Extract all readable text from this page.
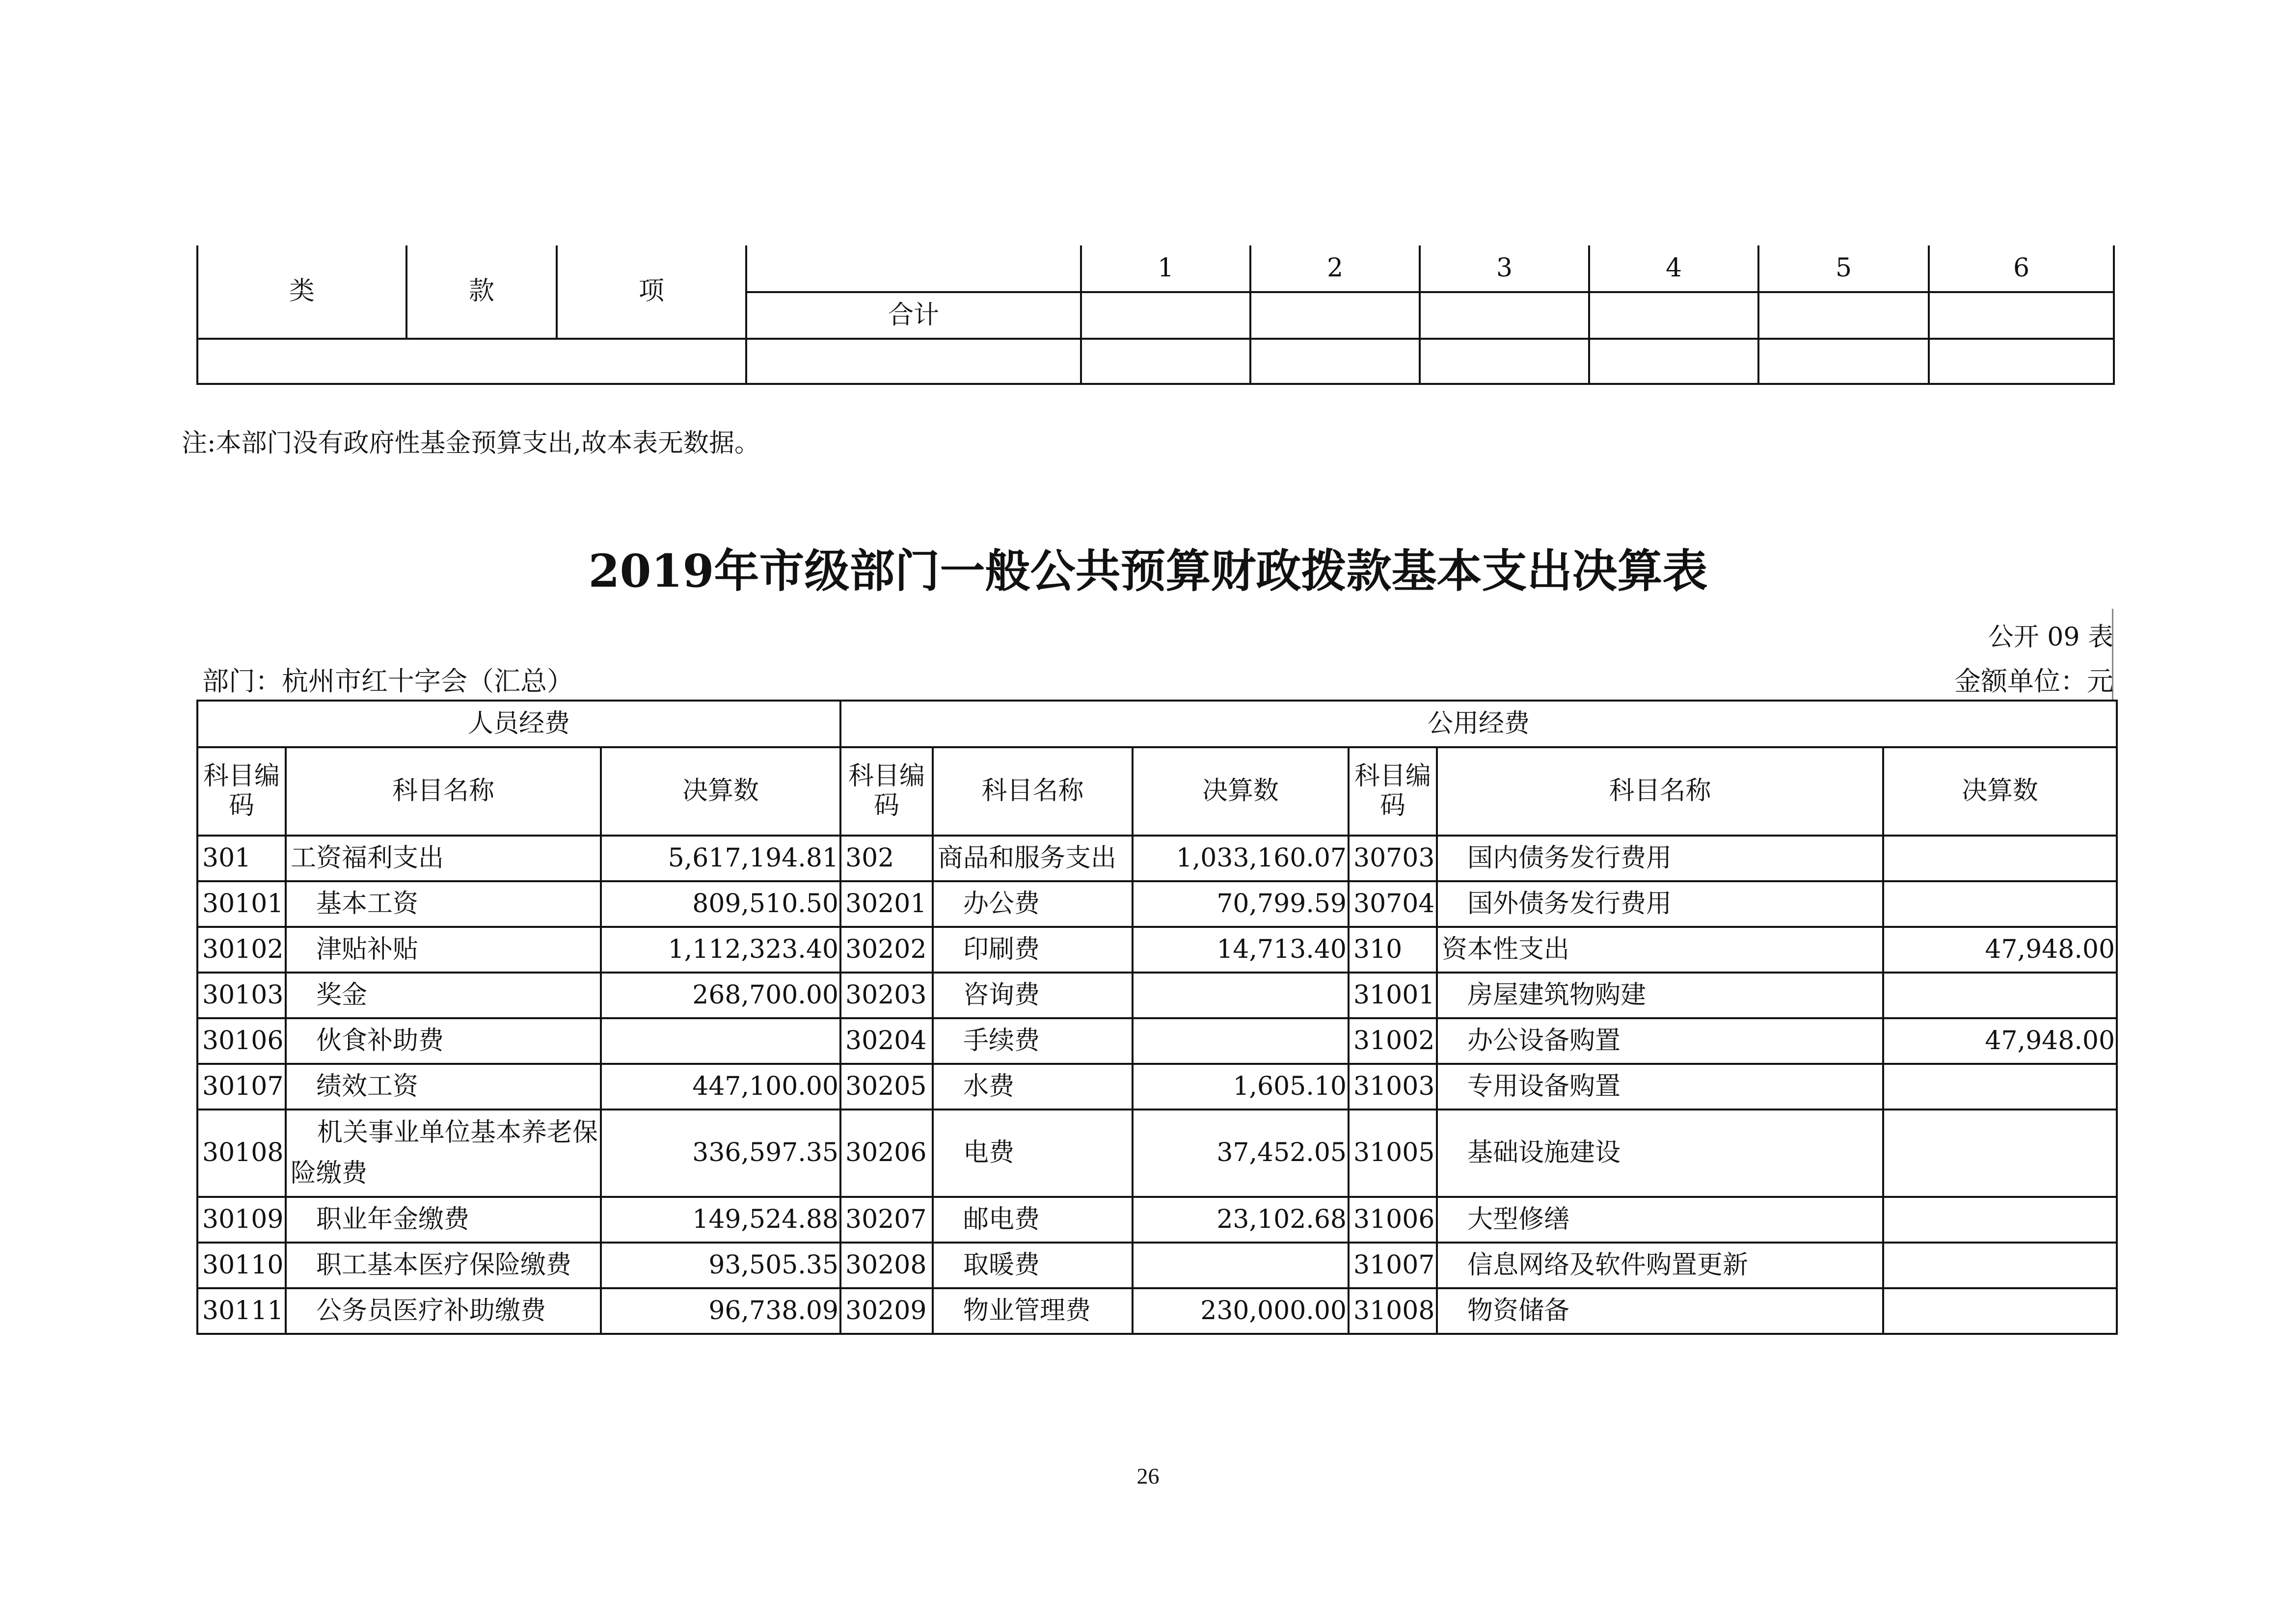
类	款	项		1	2	3	4	5	6
			合计						

注:本部门没有政府性基金预算支出,故本表无数据。
2019年市级部门一般公共预算财政拨款基本支出决算表
公开 09 表
部门：杭州市红十字会（汇总）	金额单位：元
人员经费			公用经费					
科目编码	科目名称	决算数	科目编码	科目名称	决算数	科目编码	科目名称	决算数
301	工资福利支出	5,617,194.81	302	商品和服务支出	1,033,160.07	30703	国内债务发行费用	
30101	基本工资	809,510.50	30201	办公费	70,799.59	30704	国外债务发行费用	
30102	津贴补贴	1,112,323.40	30202	印刷费	14,713.40	310	资本性支出	47,948.00
30103	奖金	268,700.00	30203	咨询费		31001	房屋建筑物购建	
30106	伙食补助费		30204	手续费		31002	办公设备购置	47,948.00
30107	绩效工资	447,100.00	30205	水费	1,605.10	31003	专用设备购置	
30108	机关事业单位基本养老保险缴费	336,597.35	30206	电费	37,452.05	31005	基础设施建设	
30109	职业年金缴费	149,524.88	30207	邮电费	23,102.68	31006	大型修缮	
30110	职工基本医疗保险缴费	93,505.35	30208	取暖费		31007	信息网络及软件购置更新	
30111	公务员医疗补助缴费	96,738.09	30209	物业管理费	230,000.00	31008	物资储备	
26
